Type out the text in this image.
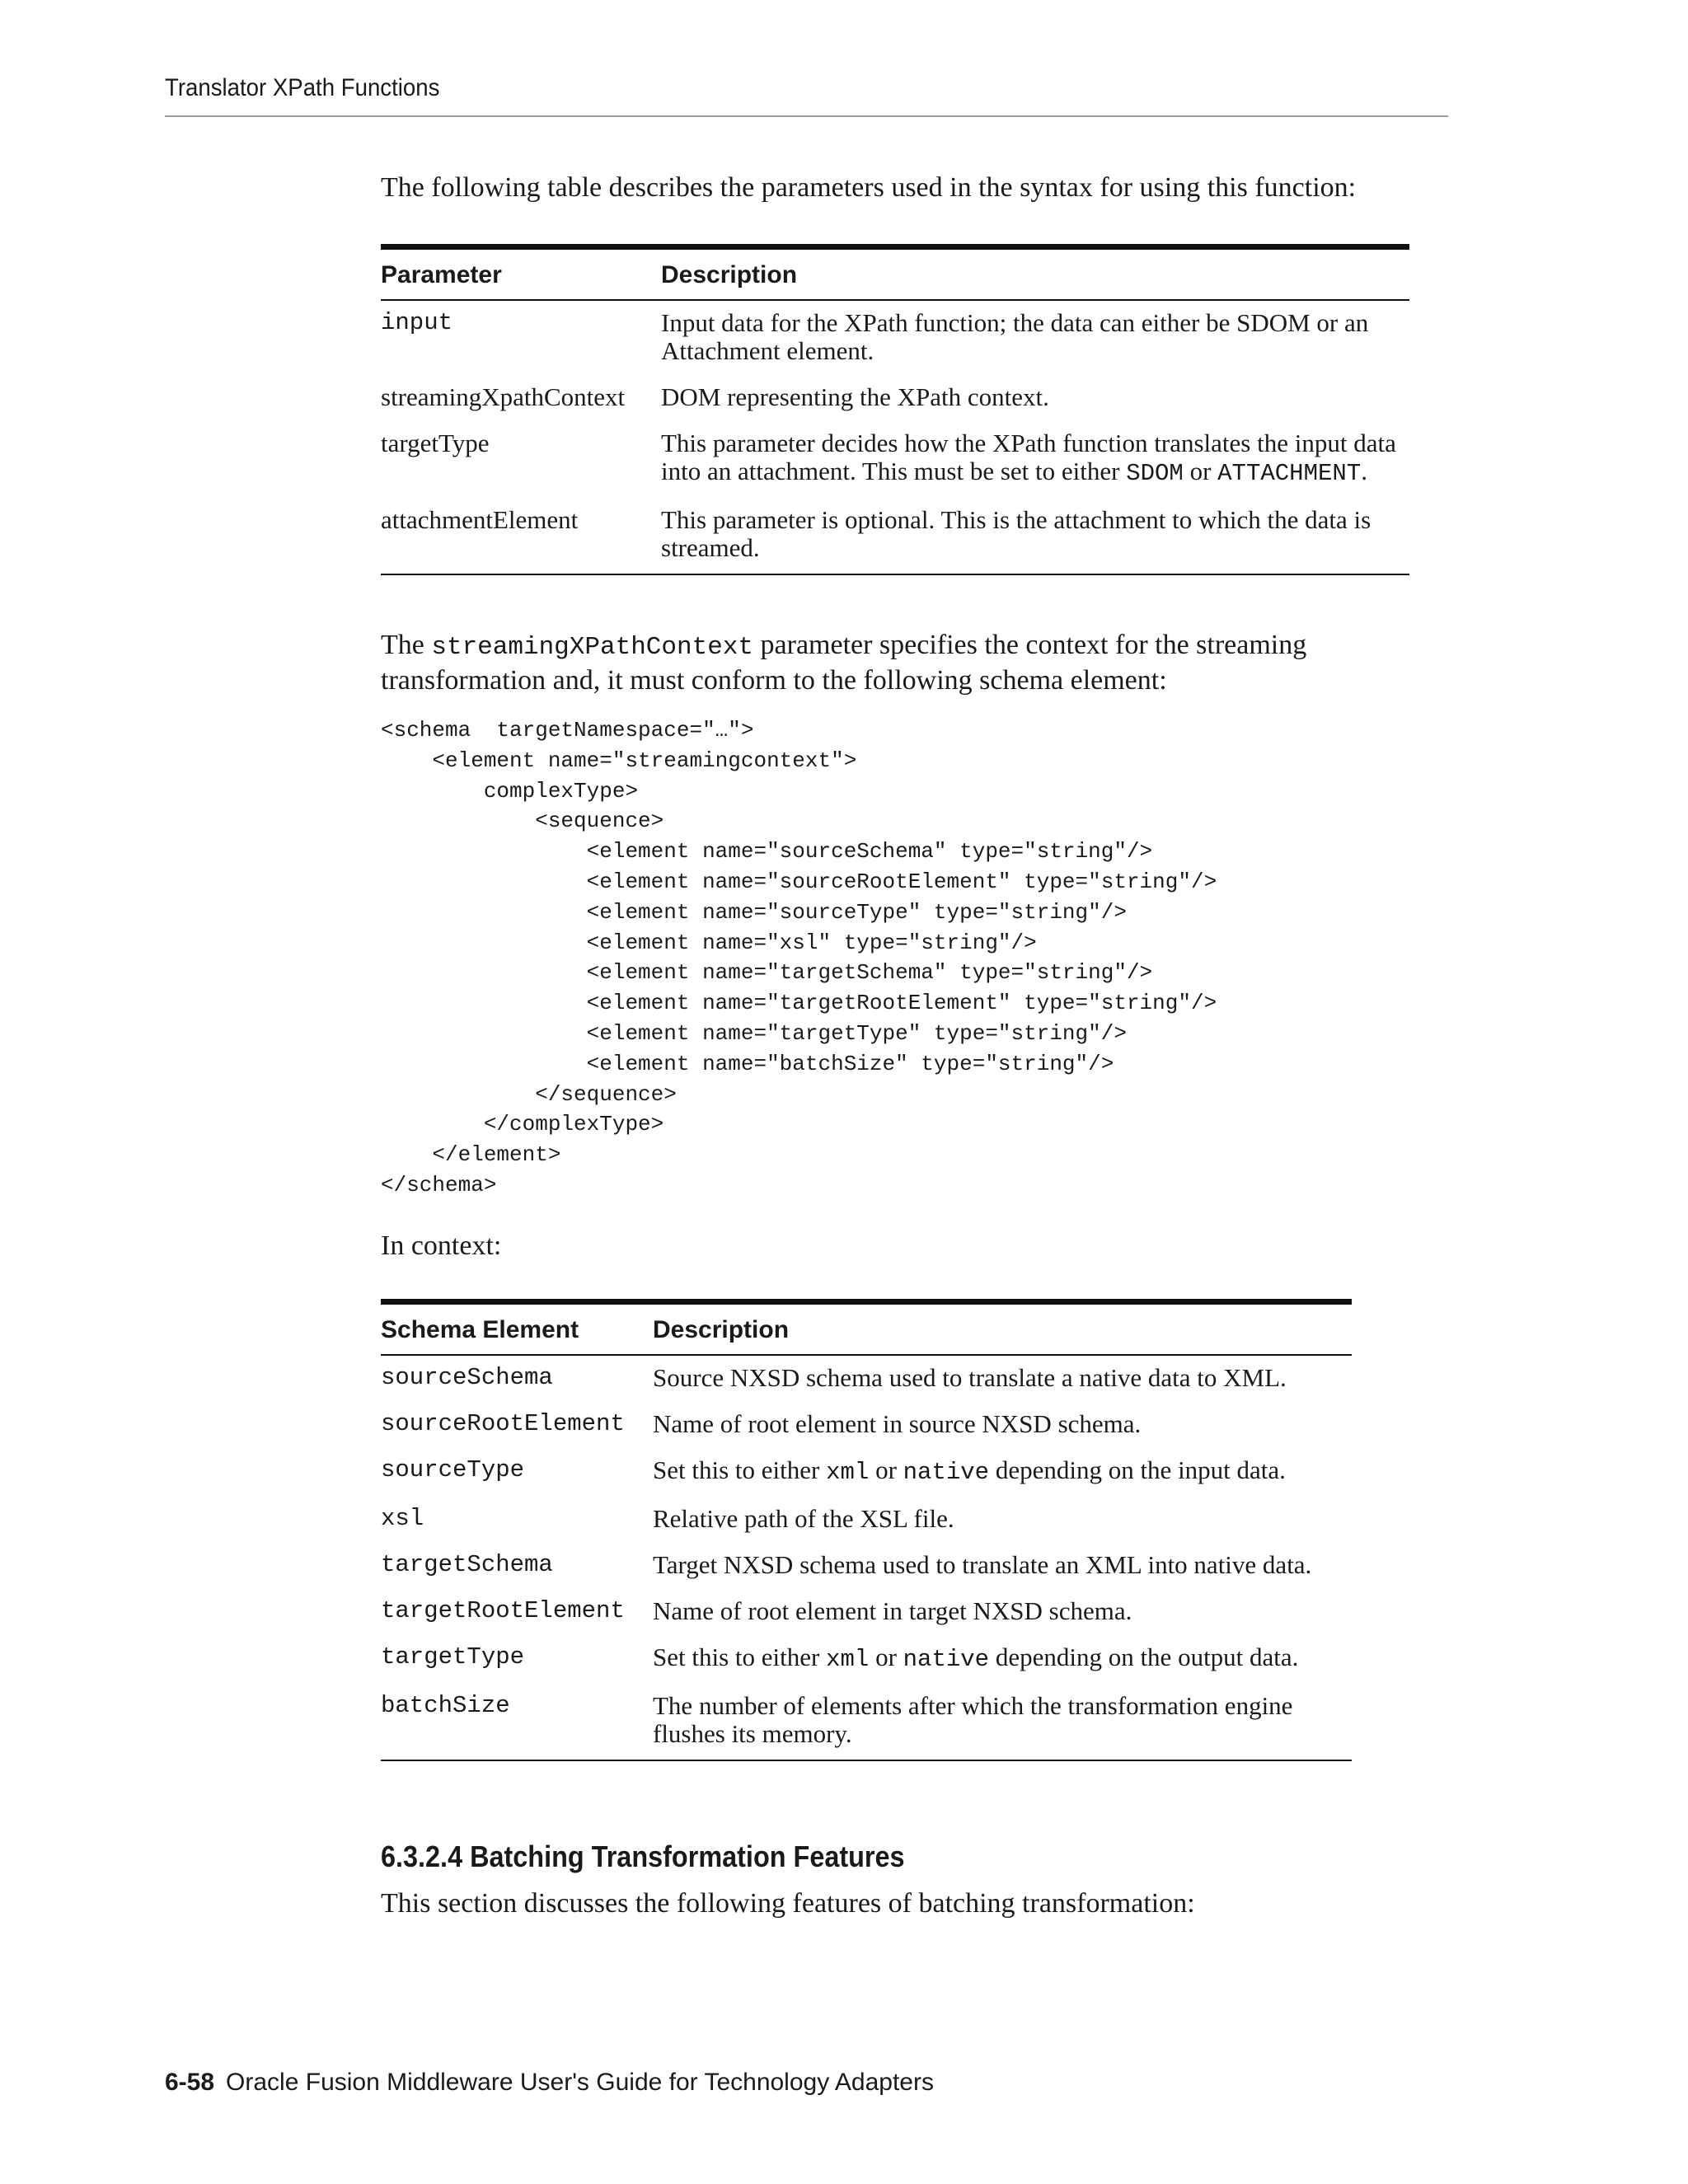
Translator XPath Functions
The following table describes the parameters used in the syntax for using this function:
Parameter	Description
input	Input data for the XPath function; the data can either be SDOM or an Attachment element.
streamingXpathContext	DOM representing the XPath context.
targetType	This parameter decides how the XPath function translates the input data into an attachment. This must be set to either SDOM or ATTACHMENT.
attachmentElement	This parameter is optional. This is the attachment to which the data is streamed.
The streamingXPathContext parameter specifies the context for the streaming
transformation and, it must conform to the following schema element:
<schema  targetNamespace="…">
<element name="streamingcontext">
complexType>
<sequence>
<element name="sourceSchema" type="string"/>
<element name="sourceRootElement" type="string"/>
<element name="sourceType" type="string"/>
<element name="xsl" type="string"/>
<element name="targetSchema" type="string"/>
<element name="targetRootElement" type="string"/>
<element name="targetType" type="string"/>
<element name="batchSize" type="string"/>
</sequence>
</complexType>
</element>
</schema>
In context:
Schema Element	Description
sourceSchema	Source NXSD schema used to translate a native data to XML.
sourceRootElement	Name of root element in source NXSD schema.
sourceType	Set this to either xml or native depending on the input data.
xsl	Relative path of the XSL file.
targetSchema	Target NXSD schema used to translate an XML into native data.
targetRootElement	Name of root element in target NXSD schema.
targetType	Set this to either xml or native depending on the output data.
batchSize	The number of elements after which the transformation engine flushes its memory.
6.3.2.4 Batching Transformation Features
This section discusses the following features of batching transformation:
6-58 Oracle Fusion Middleware User's Guide for Technology Adapters
